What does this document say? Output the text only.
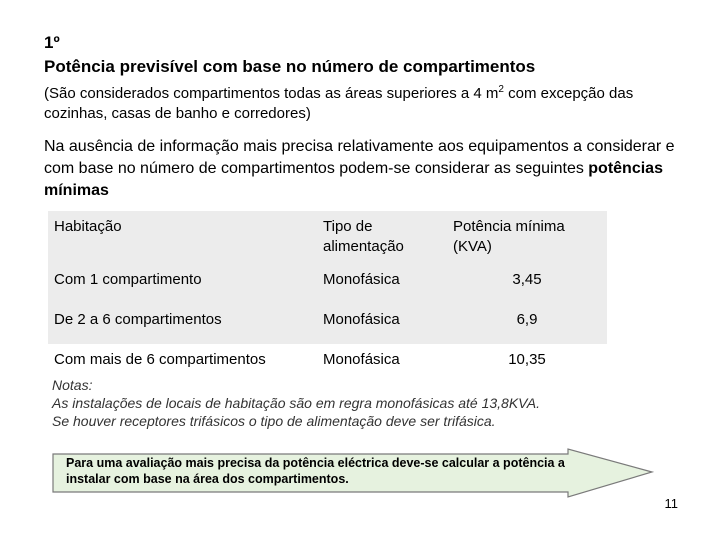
1º
Potência previsível com base no número de compartimentos
(São considerados compartimentos todas as áreas superiores a 4 $m^2$ com excepção das cozinhas, casas de banho e corredores)
Na ausência de informação mais precisa relativamente aos equipamentos a considerar e com base no número de compartimentos podem-se considerar as seguintes potências mínimas
Habitação	Tipo de alimentação	Potência mínima (KVA)
Com 1 compartimento	Monofásica	3,45
De 2 a 6 compartimentos	Monofásica	6,9
Com mais de 6 compartimentos	Monofásica	10,35
Notas:
As instalações de locais de habitação são em regra monofásicas até 13,8KVA.
Se houver receptores trifásicos o tipo de alimentação deve ser trifásica.
Para uma avaliação mais precisa da potência eléctrica deve-se calcular a potência a instalar com base na área dos compartimentos.
11
